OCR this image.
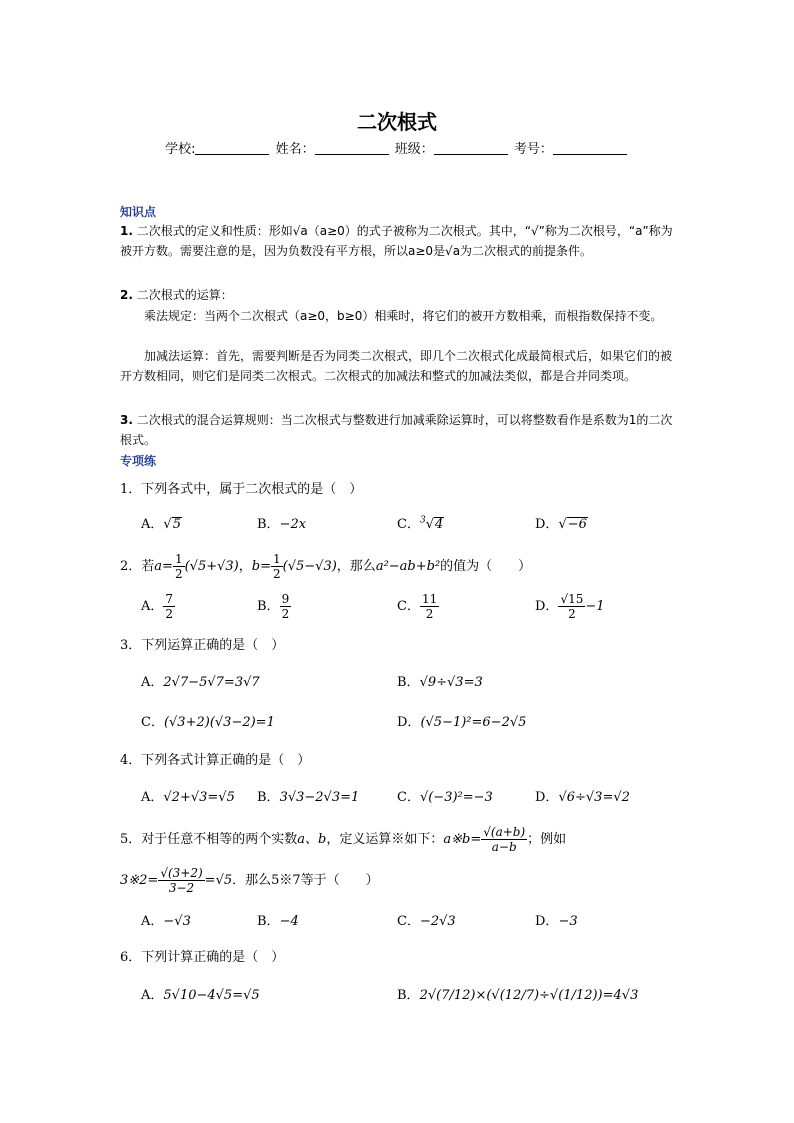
二次根式
学校:	姓名：	班级：	考号：
知识点
1. 二次根式的定义和性质：形如√a（a≥0）的式子被称为二次根式。其中，“√”称为二次根号，“a”称为被开方数。需要注意的是，因为负数没有平方根，所以a≥0是√a为二次根式的前提条件。
2. 二次根式的运算：
乘法规定：当两个二次根式（a≥0，b≥0）相乘时，将它们的被开方数相乘，而根指数保持不变。
加减法运算：首先，需要判断是否为同类二次根式，即几个二次根式化成最简根式后，如果它们的被开方数相同，则它们是同类二次根式。二次根式的加减法和整式的加减法类似，都是合并同类项。
3. 二次根式的混合运算规则：当二次根式与整数进行加减乘除运算时，可以将整数看作是系数为1的二次根式。
专项练
1．下列各式中，属于二次根式的是（　）
A．√5	B．−2x	C．$^3$√4	D．√−6
2．若$a= \frac{1}{2} (√5+√3)$，$b= \frac{1}{2} (√5-√3)$，那么a²−ab+b²的值为（　　）
A． $\frac{7}{2}$	B． $\frac{9}{2}$	C． $\frac{11}{2}$	D． $\frac{√15}{2} -1$
3．下列运算正确的是（　）
A．2√7−5√7=3√7	B．√9÷√3=3
C．(√3+2)(√3−2)=1	D．(√5−1)²=6−2√5
4．下列各式计算正确的是（　）
A．√2+√3=√5 B．3√3−2√3=1	C．√(−3)²=−3	D．√6÷√3=√2
5．对于任意不相等的两个实数a、b，定义运算※如下：a※b= $\frac{√(a+b)}{a-b}$ ；例如
3※2= $\frac{√(3+2)}{3-2} =√5$．那么5※7等于（　　）
A．−√3	B．−4	C．−2√3	D．−3
6．下列计算正确的是（　）
A．5√10−4√5=√5	B．2√(7/12)×(√(12/7)÷√(1/12))=4√3
